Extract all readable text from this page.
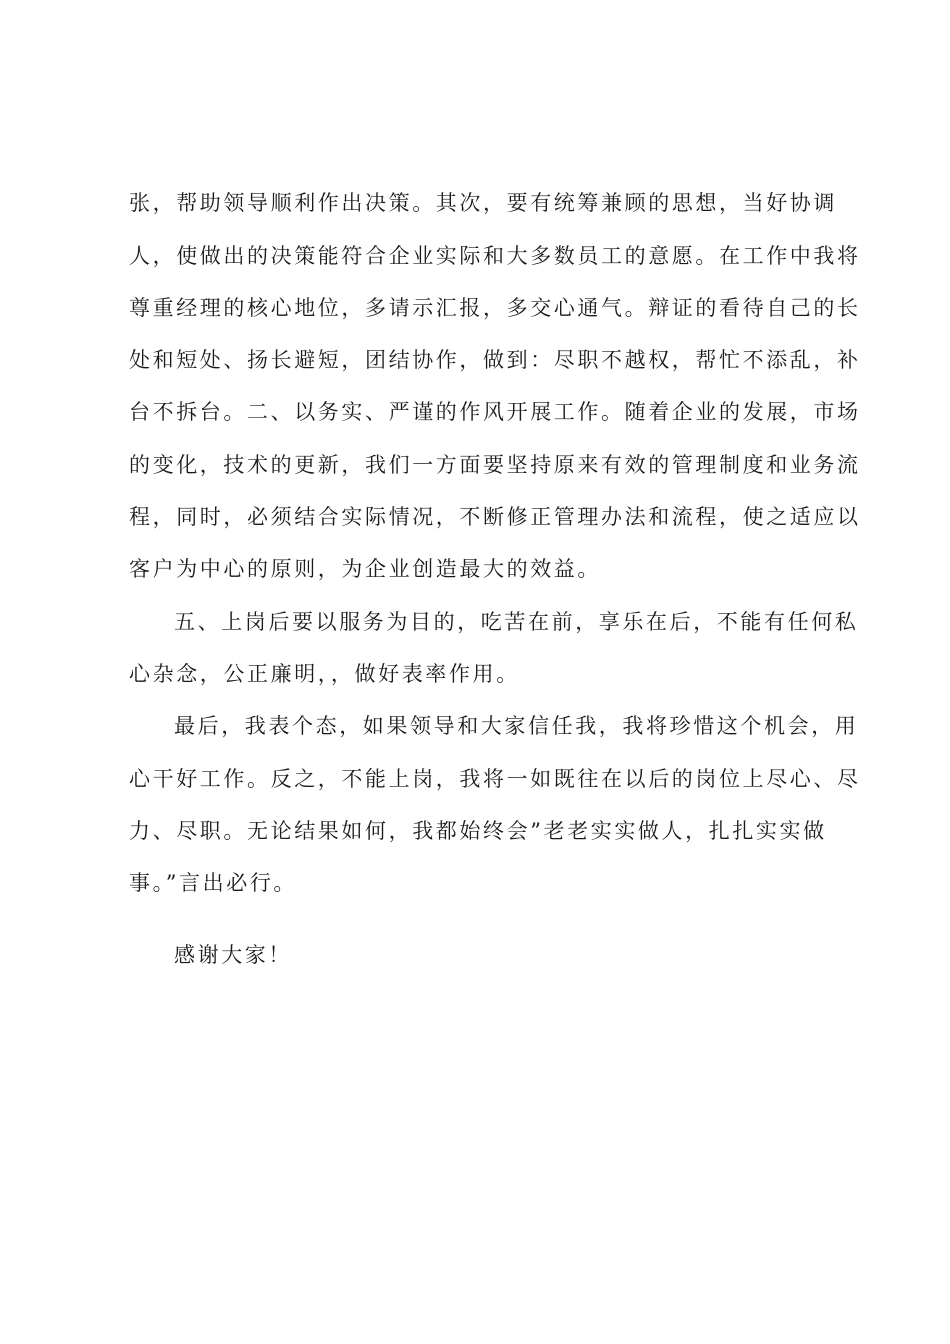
张，帮助领导顺利作出决策。其次，要有统筹兼顾的思想，当好协调
人，使做出的决策能符合企业实际和大多数员工的意愿。在工作中我将
尊重经理的核心地位，多请示汇报，多交心通气。辩证的看待自己的长
处和短处、扬长避短，团结协作，做到：尽职不越权，帮忙不添乱，补
台不拆台。二、以务实、严谨的作风开展工作。随着企业的发展，市场
的变化，技术的更新，我们一方面要坚持原来有效的管理制度和业务流
程，同时，必须结合实际情况，不断修正管理办法和流程，使之适应以
客户为中心的原则，为企业创造最大的效益。
五、上岗后要以服务为目的，吃苦在前，享乐在后，不能有任何私
心杂念，公正廉明，，做好表率作用。
最后，我表个态，如果领导和大家信任我，我将珍惜这个机会，用
心干好工作。反之，不能上岗，我将一如既往在以后的岗位上尽心、尽
力、尽职。无论结果如何，我都始终会”老老实实做人，扎扎实实做
事。”言出必行。
感谢大家！
